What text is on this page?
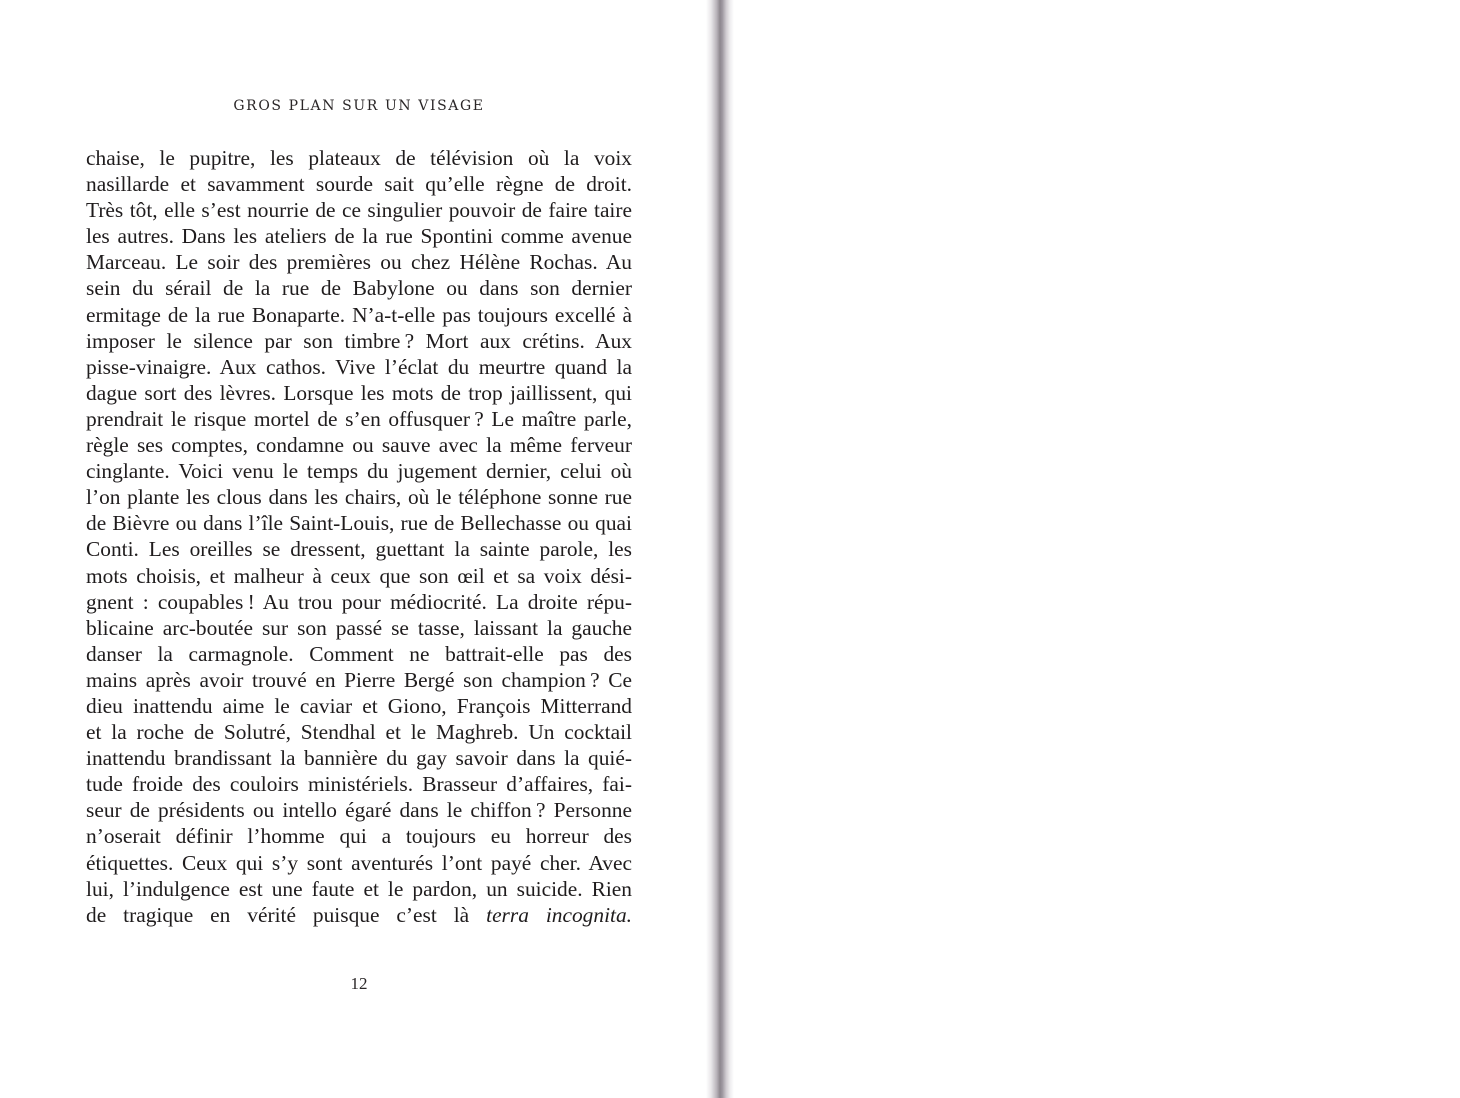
GROS PLAN SUR UN VISAGE
chaise, le pupitre, les plateaux de télévision où la voix
nasillarde et savamment sourde sait qu’elle règne de droit.
Très tôt, elle s’est nourrie de ce singulier pouvoir de faire taire
les autres. Dans les ateliers de la rue Spontini comme avenue
Marceau. Le soir des premières ou chez Hélène Rochas. Au
sein du sérail de la rue de Babylone ou dans son dernier
ermitage de la rue Bonaparte. N’a-t-elle pas toujours excellé à
imposer le silence par son timbre ? Mort aux crétins. Aux
pisse-vinaigre. Aux cathos. Vive l’éclat du meurtre quand la
dague sort des lèvres. Lorsque les mots de trop jaillissent, qui
prendrait le risque mortel de s’en offusquer ? Le maître parle,
règle ses comptes, condamne ou sauve avec la même ferveur
cinglante. Voici venu le temps du jugement dernier, celui où
l’on plante les clous dans les chairs, où le téléphone sonne rue
de Bièvre ou dans l’île Saint-Louis, rue de Bellechasse ou quai
Conti. Les oreilles se dressent, guettant la sainte parole, les
mots choisis, et malheur à ceux que son œil et sa voix dési-
gnent : coupables ! Au trou pour médiocrité. La droite répu-
blicaine arc-boutée sur son passé se tasse, laissant la gauche
danser la carmagnole. Comment ne battrait-elle pas des
mains après avoir trouvé en Pierre Bergé son champion ? Ce
dieu inattendu aime le caviar et Giono, François Mitterrand
et la roche de Solutré, Stendhal et le Maghreb. Un cocktail
inattendu brandissant la bannière du gay savoir dans la quié-
tude froide des couloirs ministériels. Brasseur d’affaires, fai-
seur de présidents ou intello égaré dans le chiffon ? Personne
n’oserait définir l’homme qui a toujours eu horreur des
étiquettes. Ceux qui s’y sont aventurés l’ont payé cher. Avec
lui, l’indulgence est une faute et le pardon, un suicide. Rien
de tragique en vérité puisque c’est là terra incognita.
12
